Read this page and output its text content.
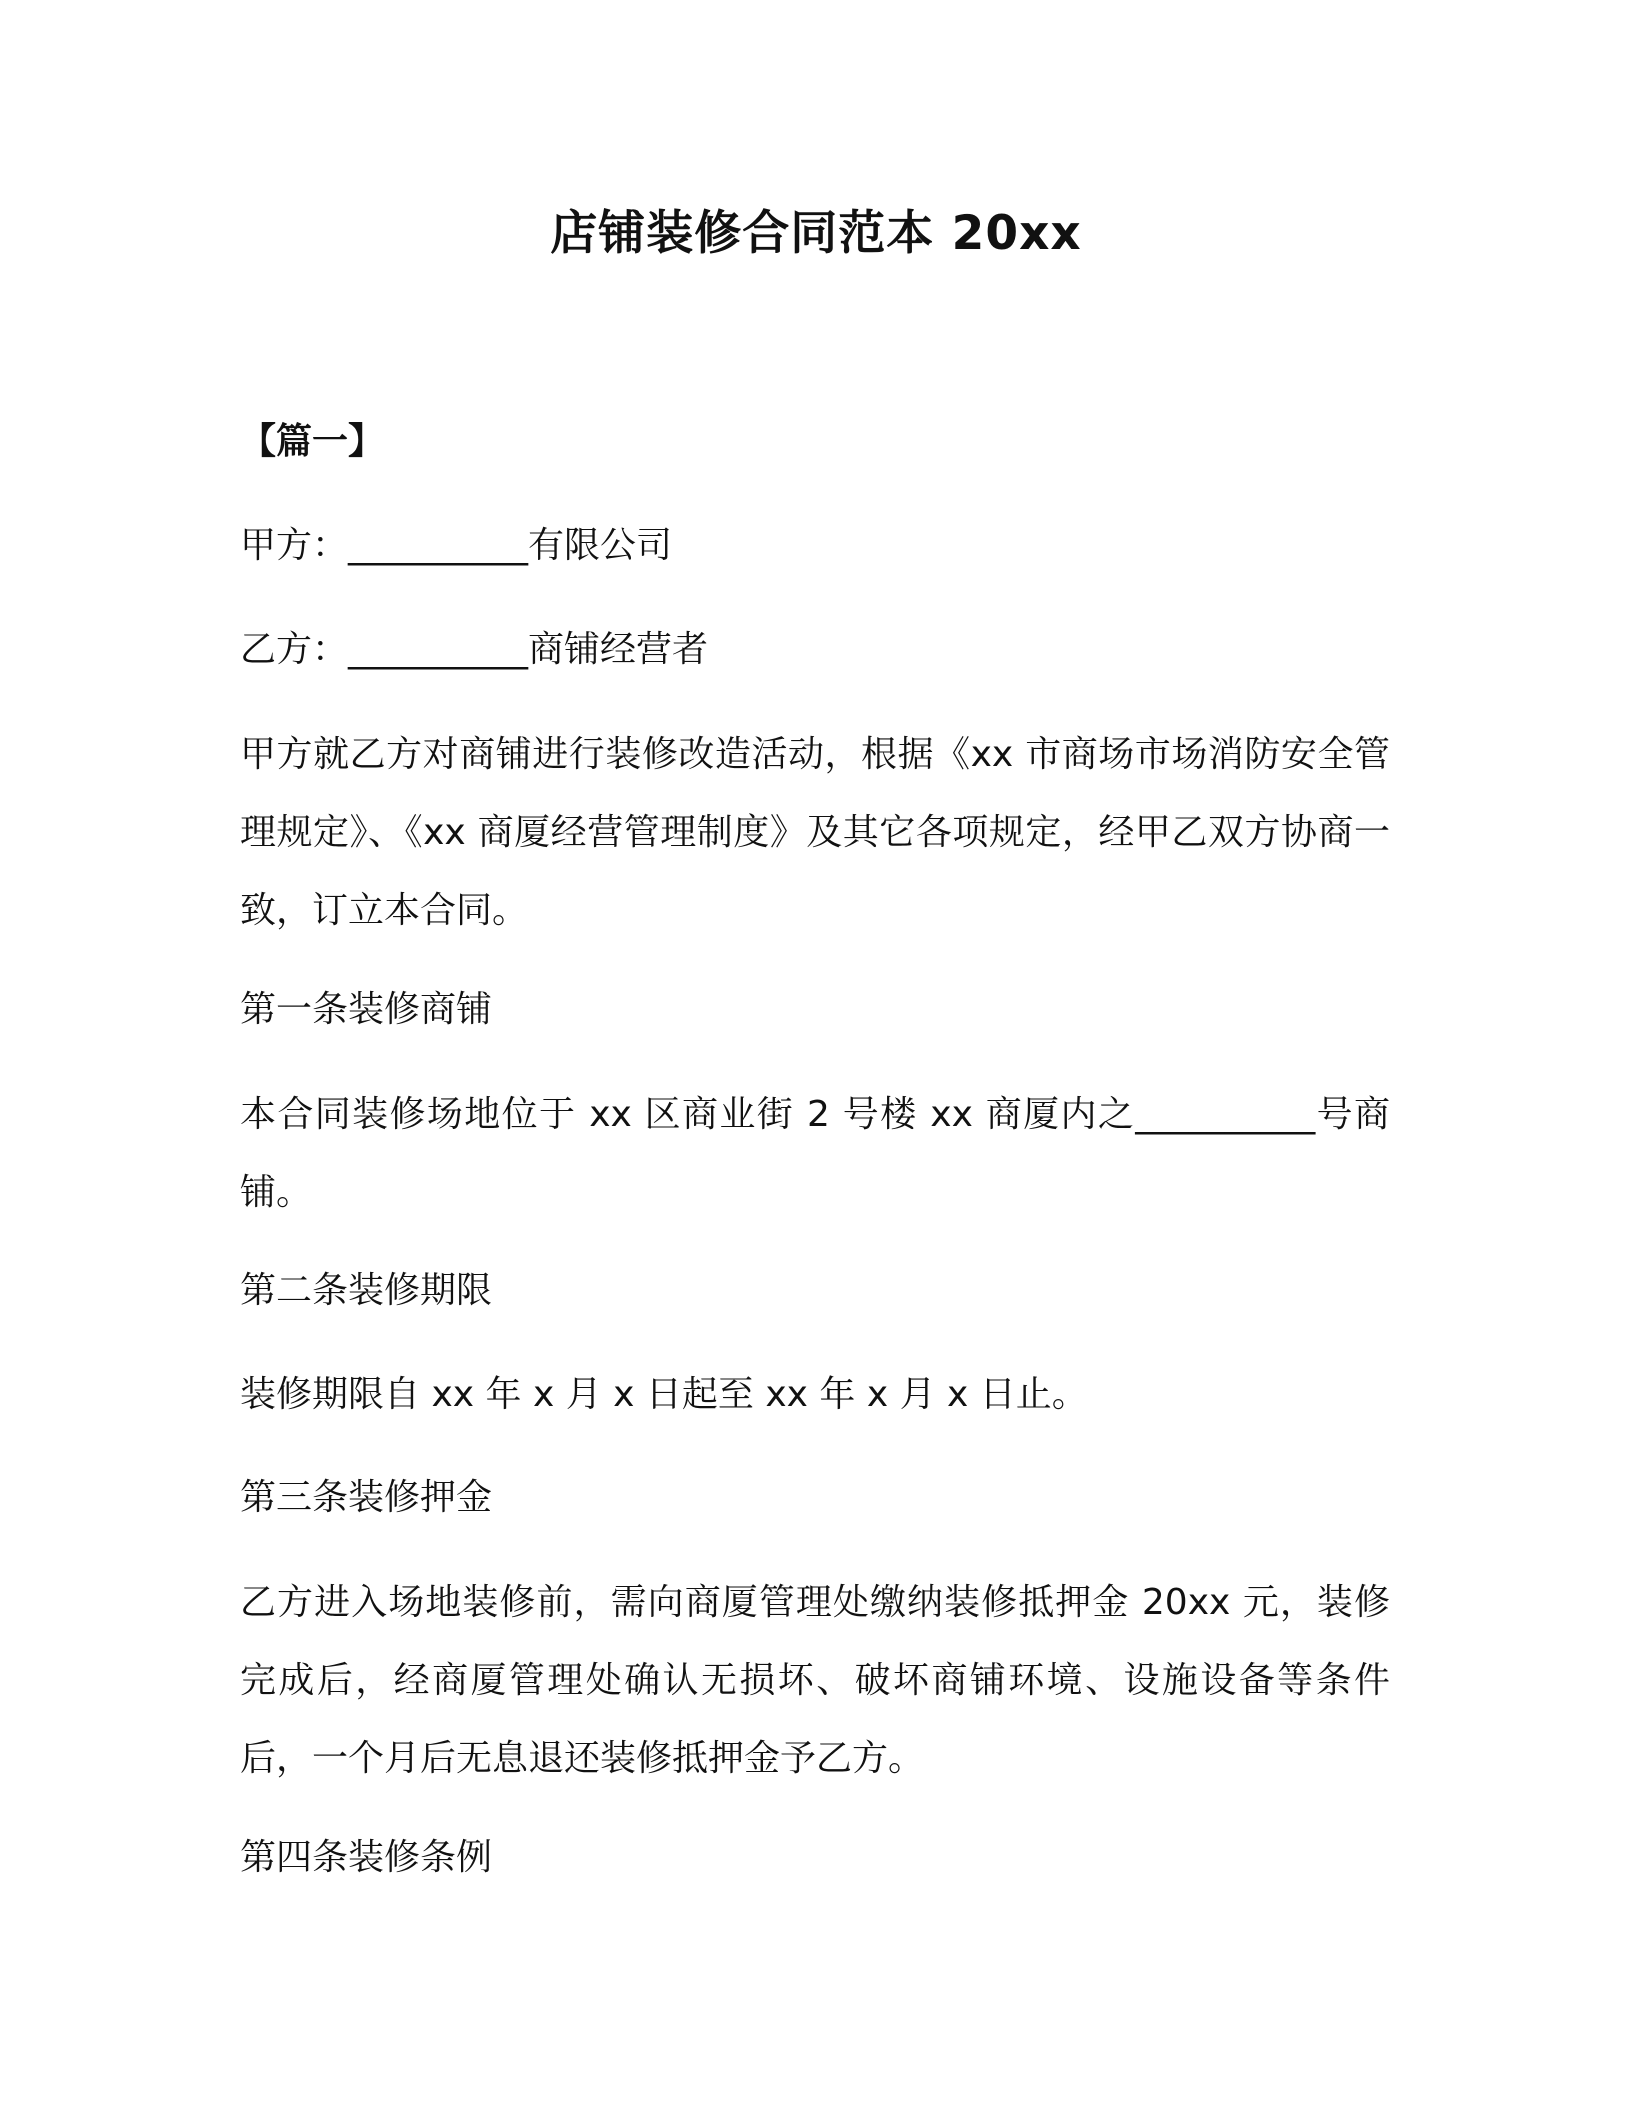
店铺装修合同范本 20xx
【篇一】
甲方：__________有限公司
乙方：__________商铺经营者

甲方就乙方对商铺进行装修改造活动，根据《xx 市商场市场消防安全管理规定》、《xx 商厦经营管理制度》及其它各项规定，经甲乙双方协商一致，订立本合同。

第一条装修商铺

本合同装修场地位于 xx 区商业街 2 号楼 xx 商厦内之__________号商铺。

第二条装修期限
装修期限自 xx 年 x 月 x 日起至 xx 年 x 月 x 日止。
第三条装修押金

乙方进入场地装修前，需向商厦管理处缴纳装修抵押金 20xx 元，装修完成后，经商厦管理处确认无损坏、破坏商铺环境、设施设备等条件后，一个月后无息退还装修抵押金予乙方。

第四条装修条例
